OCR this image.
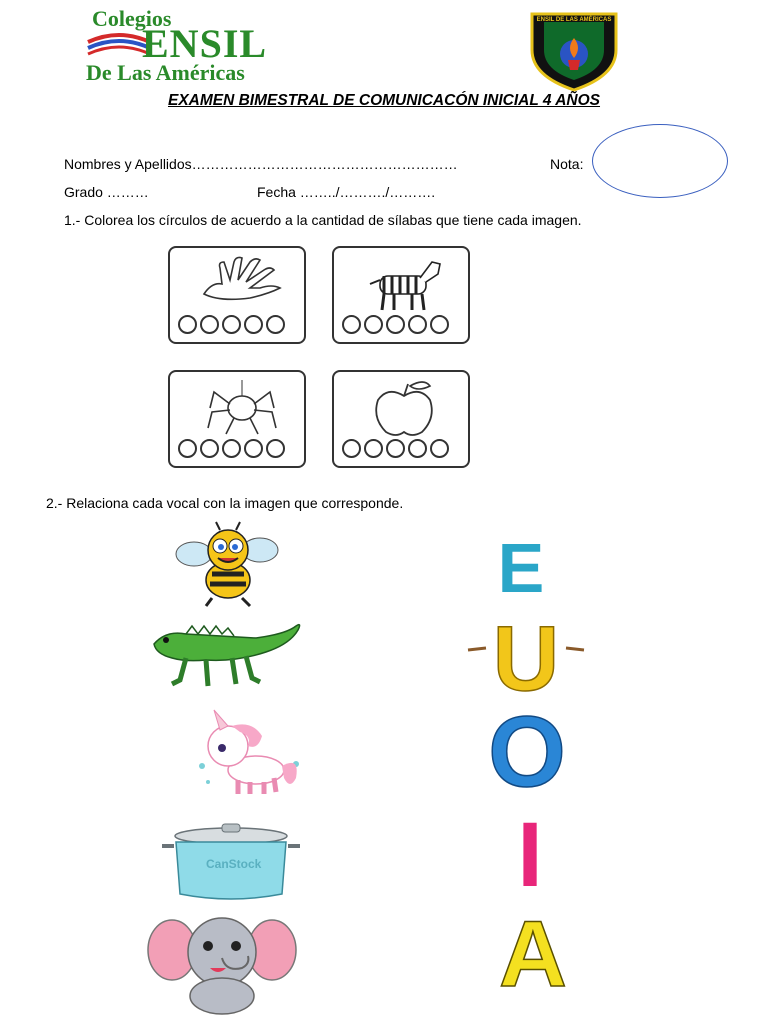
Colegios
ENSIL
De Las Américas
ENSIL DE LAS AMÉRICAS
EXAMEN BIMESTRAL DE COMUNICACÓN INICIAL 4 AÑOS
Nombres y Apellidos…………………………………………………	Nota:
Grado ………	Fecha ……../………./……….
1.- Colorea los círculos de acuerdo a la cantidad de sílabas que tiene cada imagen.
2.- Relaciona cada vocal con la imagen que corresponde.
CanStock
E
U
O
I
A
